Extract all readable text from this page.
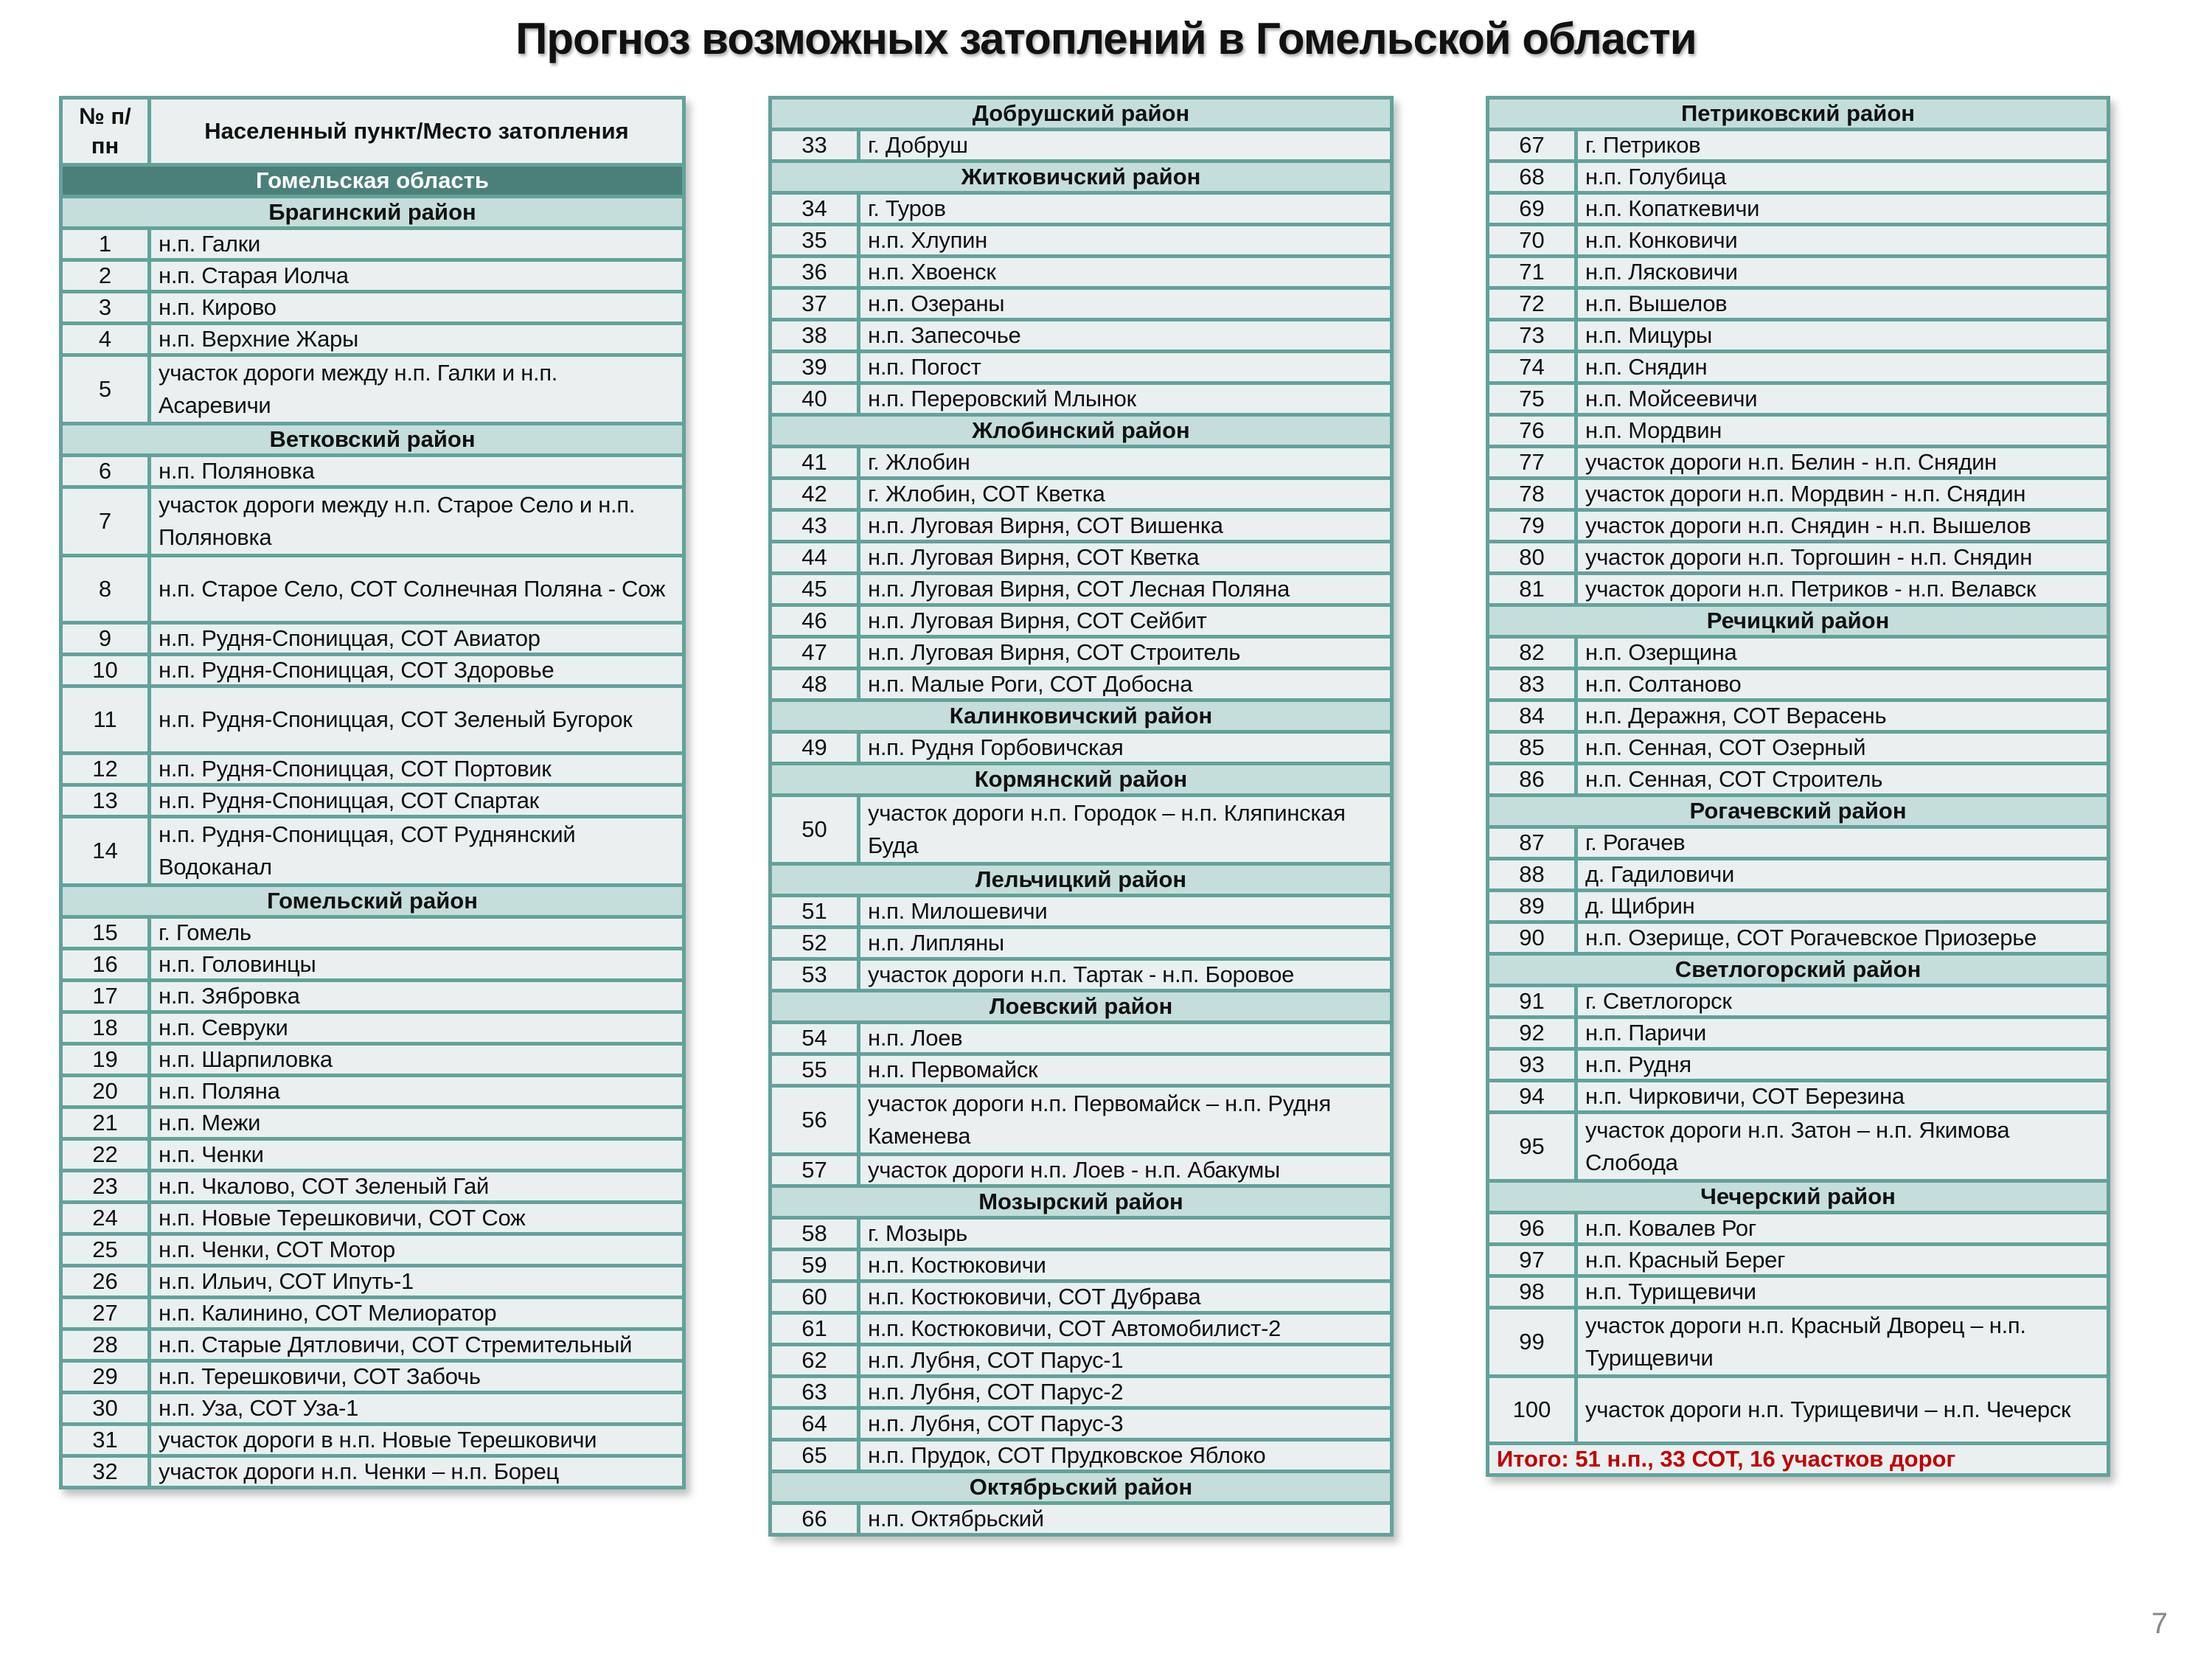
Прогноз возможных затоплений в Гомельской области
№ п/пн	Населенный пункт/Место затопления
Гомельская область	
Брагинский район	
1	н.п. Галки
2	н.п. Старая Иолча
3	н.п. Кирово
4	н.п. Верхние Жары
5	участок дороги между н.п. Галки и н.п. Асаревичи
Ветковский район	
6	н.п. Поляновка
7	участок дороги между н.п. Старое Село и н.п. Поляновка
8	н.п. Старое Село, СОТ Солнечная Поляна - Сож
9	н.п. Рудня-Спониццая, СОТ Авиатор
10	н.п. Рудня-Спониццая, СОТ Здоровье
11	н.п. Рудня-Спониццая, СОТ Зеленый Бугорок
12	н.п. Рудня-Спониццая, СОТ Портовик
13	н.п. Рудня-Спониццая, СОТ Спартак
14	н.п. Рудня-Спониццая, СОТ Руднянский Водоканал
Гомельский район	
15	г. Гомель
16	н.п. Головинцы
17	н.п. Зябровка
18	н.п. Севруки
19	н.п. Шарпиловка
20	н.п. Поляна
21	н.п. Межи
22	н.п. Ченки
23	н.п. Чкалово, СОТ Зеленый Гай
24	н.п. Новые Терешковичи, СОТ Сож
25	н.п. Ченки, СОТ Мотор
26	н.п. Ильич, СОТ Ипуть-1
27	н.п. Калинино, СОТ Мелиоратор
28	н.п. Старые Дятловичи, СОТ Стремительный
29	н.п. Терешковичи, СОТ Забочь
30	н.п. Уза, СОТ Уза-1
31	участок дороги в н.п. Новые Терешковичи
32	участок дороги н.п. Ченки – н.п. Борец
Добрушский район	
33	г. Добруш
Житковичский район	
34	г. Туров
35	н.п. Хлупин
36	н.п. Хвоенск
37	н.п. Озераны
38	н.п. Запесочье
39	н.п. Погост
40	н.п. Переровский Млынок
Жлобинский район	
41	г. Жлобин
42	г. Жлобин, СОТ Кветка
43	н.п. Луговая Вирня, СОТ Вишенка
44	н.п. Луговая Вирня, СОТ Кветка
45	н.п. Луговая Вирня, СОТ Лесная Поляна
46	н.п. Луговая Вирня, СОТ Сейбит
47	н.п. Луговая Вирня, СОТ Строитель
48	н.п. Малые Роги, СОТ Добосна
Калинковичский район	
49	н.п. Рудня Горбовичская
Кормянский район	
50	участок дороги н.п. Городок – н.п. Кляпинская Буда
Лельчицкий район	
51	н.п. Милошевичи
52	н.п. Липляны
53	участок дороги н.п. Тартак - н.п. Боровое
Лоевский район	
54	н.п. Лоев
55	н.п. Первомайск
56	участок дороги н.п. Первомайск – н.п. Рудня Каменева
57	участок дороги н.п. Лоев - н.п. Абакумы
Мозырский район	
58	г. Мозырь
59	н.п. Костюковичи
60	н.п. Костюковичи, СОТ Дубрава
61	н.п. Костюковичи, СОТ Автомобилист-2
62	н.п. Лубня, СОТ Парус-1
63	н.п. Лубня, СОТ Парус-2
64	н.п. Лубня, СОТ Парус-3
65	н.п. Прудок, СОТ Прудковское Яблоко
Октябрьский район	
66	н.п. Октябрьский
Петриковский район	
67	г. Петриков
68	н.п. Голубица
69	н.п. Копаткевичи
70	н.п. Конковичи
71	н.п. Лясковичи
72	н.п. Вышелов
73	н.п. Мицуры
74	н.п. Снядин
75	н.п. Мойсеевичи
76	н.п. Мордвин
77	участок дороги н.п. Белин - н.п. Снядин
78	участок дороги н.п. Мордвин - н.п. Снядин
79	участок дороги н.п. Снядин - н.п. Вышелов
80	участок дороги н.п. Торгошин - н.п. Снядин
81	участок дороги н.п. Петриков - н.п. Велавск
Речицкий район	
82	н.п. Озерщина
83	н.п. Солтаново
84	н.п. Деражня, СОТ Верасень
85	н.п. Сенная, СОТ Озерный
86	н.п. Сенная, СОТ Строитель
Рогачевский район	
87	г. Рогачев
88	д. Гадиловичи
89	д. Щибрин
90	н.п. Озерище, СОТ Рогачевское Приозерье
Светлогорский район	
91	г. Светлогорск
92	н.п. Паричи
93	н.п. Рудня
94	н.п. Чирковичи, СОТ Березина
95	участок дороги н.п. Затон – н.п. Якимова Слобода
Чечерский район	
96	н.п. Ковалев Рог
97	н.п. Красный Берег
98	н.п. Турищевичи
99	участок дороги н.п. Красный Дворец – н.п. Турищевичи
100	участок дороги н.п. Турищевичи – н.п. Чечерск
Итого: 51 н.п., 33 СОТ, 16 участков дорог	
7
